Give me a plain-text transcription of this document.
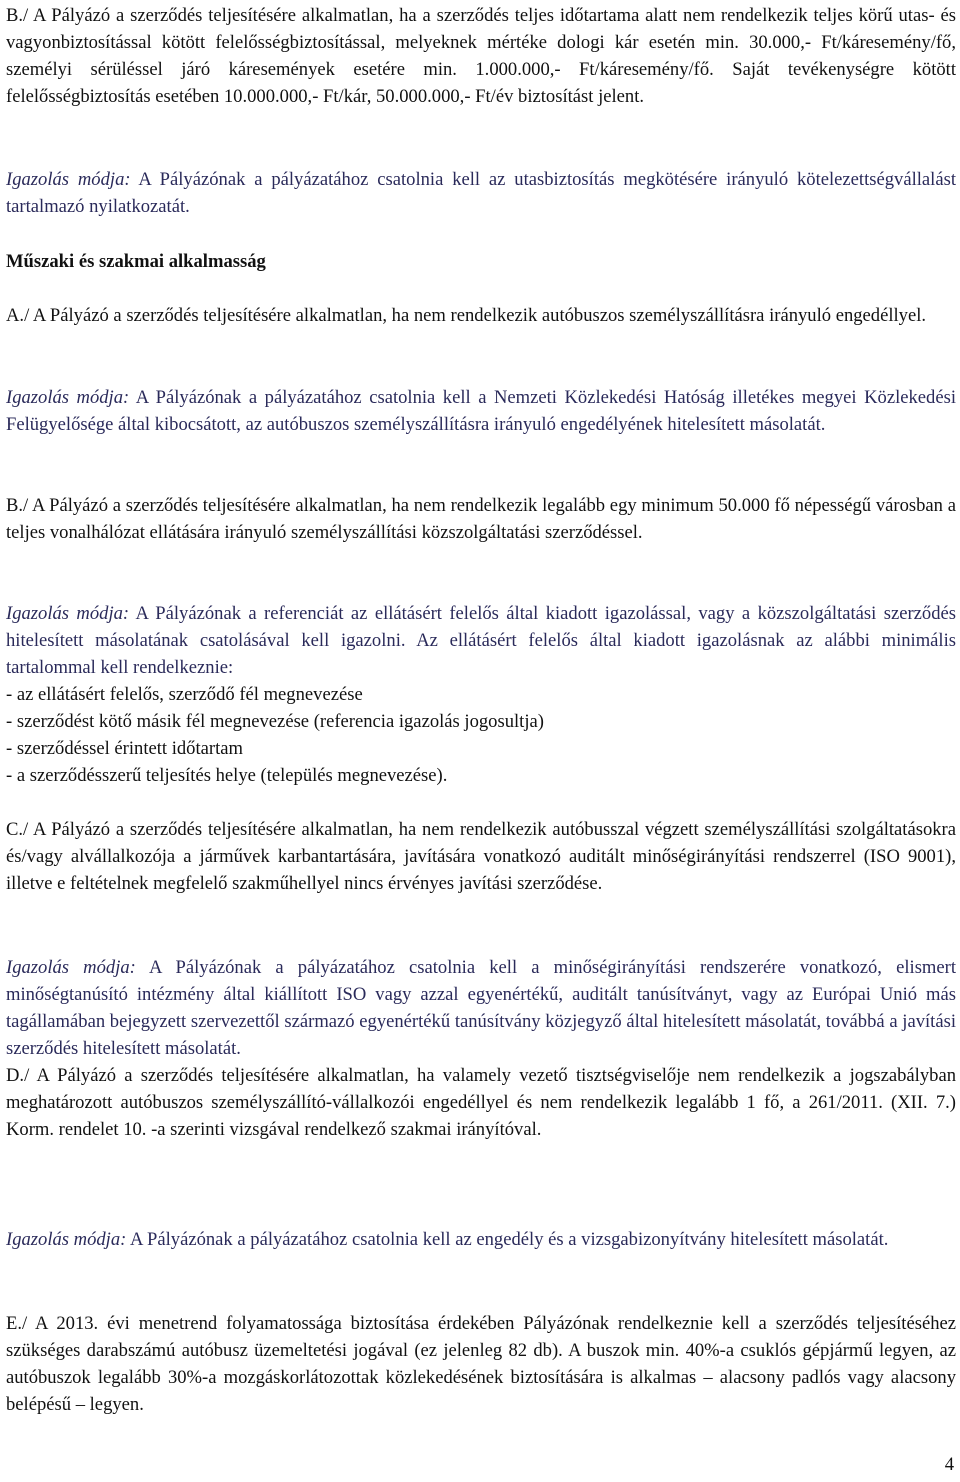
B./ A Pályázó a szerződés teljesítésére alkalmatlan, ha a szerződés teljes időtartama alatt nem rendelkezik teljes körű utas- és vagyonbiztosítással kötött felelősségbiztosítással, melyeknek mértéke dologi kár esetén min. 30.000,- Ft/káresemény/fő, személyi sérüléssel járó káresemények esetére min. 1.000.000,- Ft/káresemény/fő. Saját tevékenységre kötött felelősségbiztosítás esetében 10.000.000,- Ft/kár, 50.000.000,- Ft/év biztosítást jelent.

Igazolás módja: A Pályázónak a pályázatához csatolnia kell az utasbiztosítás megkötésére irányuló kötelezettségvállalást tartalmazó nyilatkozatát.

Műszaki és szakmai alkalmasság

A./ A Pályázó a szerződés teljesítésére alkalmatlan, ha nem rendelkezik autóbuszos személyszállításra irányuló engedéllyel.

Igazolás módja: A Pályázónak a pályázatához csatolnia kell a Nemzeti Közlekedési Hatóság illetékes megyei Közlekedési Felügyelősége által kibocsátott, az autóbuszos személyszállításra irányuló engedélyének hitelesített másolatát.

B./ A Pályázó a szerződés teljesítésére alkalmatlan, ha nem rendelkezik legalább egy minimum 50.000 fő népességű városban a teljes vonalhálózat ellátására irányuló személyszállítási közszolgáltatási szerződéssel.

Igazolás módja: A Pályázónak a referenciát az ellátásért felelős által kiadott igazolással, vagy a közszolgáltatási szerződés hitelesített másolatának csatolásával kell igazolni. Az ellátásért felelős által kiadott igazolásnak az alábbi minimális tartalommal kell rendelkeznie:

- az ellátásért felelős, szerződő fél megnevezése
- szerződést kötő másik fél megnevezése (referencia igazolás jogosultja)
- szerződéssel érintett időtartam
- a szerződésszerű teljesítés helye (település megnevezése).

C./ A Pályázó a szerződés teljesítésére alkalmatlan, ha nem rendelkezik autóbusszal végzett személyszállítási szolgáltatásokra és/vagy alvállalkozója a járművek karbantartására, javítására vonatkozó auditált minőségirányítási rendszerrel (ISO 9001), illetve e feltételnek megfelelő szakműhellyel nincs érvényes javítási szerződése.

Igazolás módja: A Pályázónak a pályázatához csatolnia kell a minőségirányítási rendszerére vonatkozó, elismert minőségtanúsító intézmény által kiállított ISO vagy azzal egyenértékű, auditált tanúsítványt, vagy az Európai Unió más tagállamában bejegyzett szervezettől származó egyenértékű tanúsítvány közjegyző által hitelesített másolatát, továbbá a javítási szerződés hitelesített másolatát.

D./ A Pályázó a szerződés teljesítésére alkalmatlan, ha valamely vezető tisztségviselője nem rendelkezik a jogszabályban meghatározott autóbuszos személyszállító-vállalkozói engedéllyel és nem rendelkezik legalább 1 fő, a 261/2011. (XII. 7.) Korm. rendelet 10. -a szerinti vizsgával rendelkező szakmai irányítóval.

Igazolás módja: A Pályázónak a pályázatához csatolnia kell az engedély és a vizsgabizonyítvány hitelesített másolatát.

E./ A 2013. évi menetrend folyamatossága biztosítása érdekében Pályázónak rendelkeznie kell a szerződés teljesítéséhez szükséges darabszámú autóbusz üzemeltetési jogával (ez jelenleg 82 db). A buszok min. 40%-a csuklós gépjármű legyen, az autóbuszok legalább 30%-a mozgáskorlátozottak közlekedésének biztosítására is alkalmas – alacsony padlós vagy alacsony belépésű – legyen.

4
